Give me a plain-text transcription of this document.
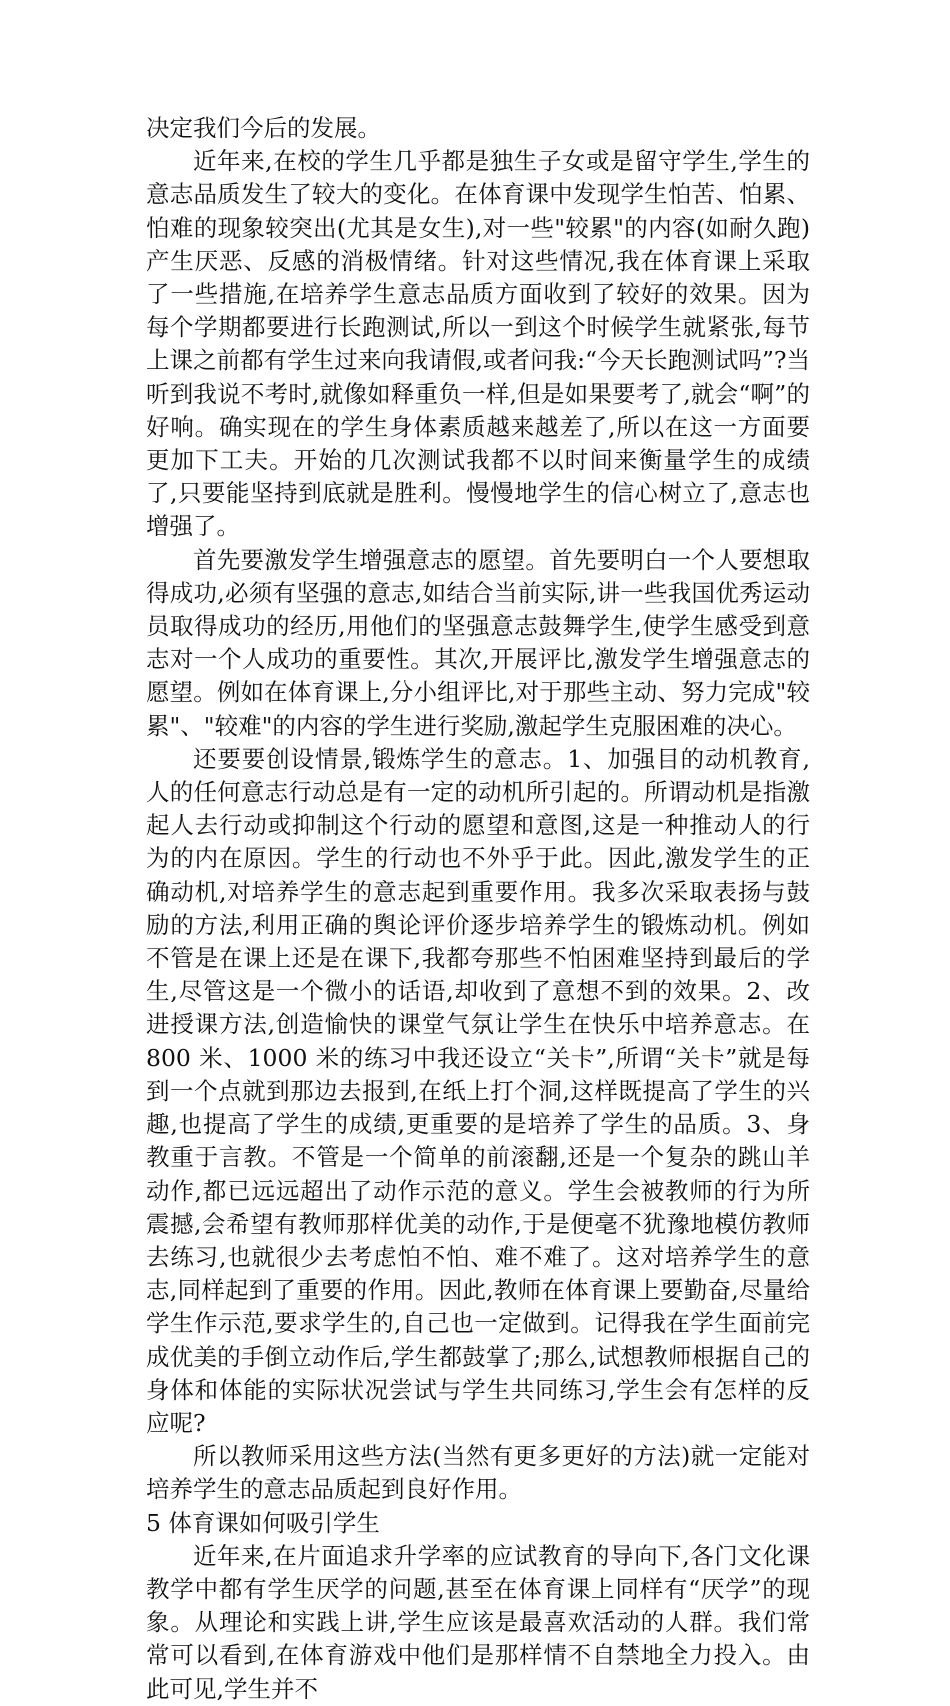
决定我们今后的发展。

近年来,在校的学生几乎都是独生子女或是留守学生,学生的意志品质发生了较大的变化。在体育课中发现学生怕苦、怕累、怕难的现象较突出(尤其是女生),对一些"较累"的内容(如耐久跑)产生厌恶、反感的消极情绪。针对这些情况,我在体育课上采取了一些措施,在培养学生意志品质方面收到了较好的效果。因为每个学期都要进行长跑测试,所以一到这个时候学生就紧张,每节上课之前都有学生过来向我请假,或者问我:“今天长跑测试吗”?当听到我说不考时,就像如释重负一样,但是如果要考了,就会“啊”的好响。确实现在的学生身体素质越来越差了,所以在这一方面要更加下工夫。开始的几次测试我都不以时间来衡量学生的成绩了,只要能坚持到底就是胜利。慢慢地学生的信心树立了,意志也增强了。

首先要激发学生增强意志的愿望。首先要明白一个人要想取得成功,必须有坚强的意志,如结合当前实际,讲一些我国优秀运动员取得成功的经历,用他们的坚强意志鼓舞学生,使学生感受到意志对一个人成功的重要性。其次,开展评比,激发学生增强意志的愿望。例如在体育课上,分小组评比,对于那些主动、努力完成"较累"、"较难"的内容的学生进行奖励,激起学生克服困难的决心。

还要要创设情景,锻炼学生的意志。1、加强目的动机教育,人的任何意志行动总是有一定的动机所引起的。所谓动机是指激起人去行动或抑制这个行动的愿望和意图,这是一种推动人的行为的内在原因。学生的行动也不外乎于此。因此,激发学生的正确动机,对培养学生的意志起到重要作用。我多次采取表扬与鼓励的方法,利用正确的舆论评价逐步培养学生的锻炼动机。例如不管是在课上还是在课下,我都夸那些不怕困难坚持到最后的学生,尽管这是一个微小的话语,却收到了意想不到的效果。2、改进授课方法,创造愉快的课堂气氛让学生在快乐中培养意志。在 800 米、1000 米的练习中我还设立“关卡”,所谓“关卡”就是每到一个点就到那边去报到,在纸上打个洞,这样既提高了学生的兴趣,也提高了学生的成绩,更重要的是培养了学生的品质。3、身教重于言教。不管是一个简单的前滚翻,还是一个复杂的跳山羊动作,都已远远超出了动作示范的意义。学生会被教师的行为所震撼,会希望有教师那样优美的动作,于是便毫不犹豫地模仿教师去练习,也就很少去考虑怕不怕、难不难了。这对培养学生的意志,同样起到了重要的作用。因此,教师在体育课上要勤奋,尽量给学生作示范,要求学生的,自己也一定做到。记得我在学生面前完成优美的手倒立动作后,学生都鼓掌了;那么,试想教师根据自己的身体和体能的实际状况尝试与学生共同练习,学生会有怎样的反应呢?

所以教师采用这些方法(当然有更多更好的方法)就一定能对培养学生的意志品质起到良好作用。

5 体育课如何吸引学生

近年来,在片面追求升学率的应试教育的导向下,各门文化课教学中都有学生厌学的问题,甚至在体育课上同样有“厌学”的现象。从理论和实践上讲,学生应该是最喜欢活动的人群。我们常常可以看到,在体育游戏中他们是那样情不自禁地全力投入。由此可见,学生并不
